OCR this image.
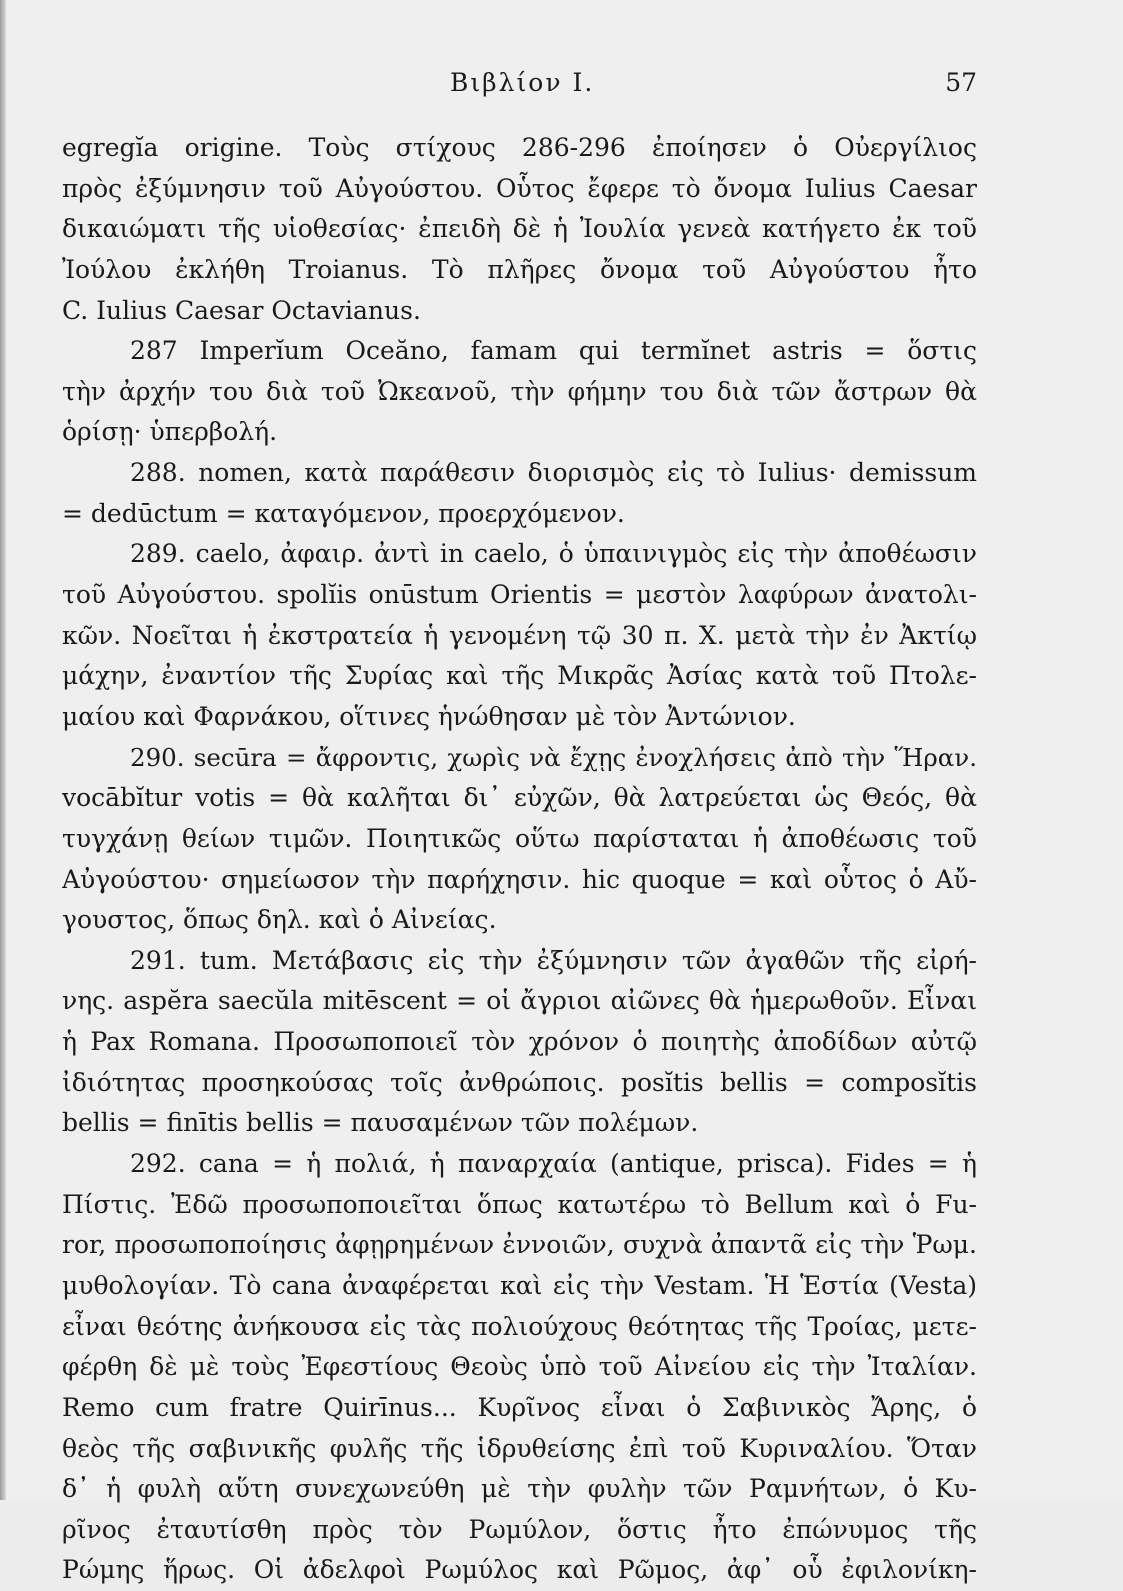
Βιβλίον Ι.	57
egregĭa origine. Τοὺς στίχους 286-296 ἐποίησεν ὁ Οὐεργίλιος
πρὸς ἐξύμνησιν τοῦ Αὐγούστου. Οὗτος ἔφερε τὸ ὄνομα Iulius Caesar
δικαιώματι τῆς υἱοθεσίας· ἐπειδὴ δὲ ἡ Ἰουλία γενεὰ κατήγετο ἐκ τοῦ
Ἰούλου ἐκλήθη Troianus. Τὸ πλῆρες ὄνομα τοῦ Αὐγούστου ἦτο
C. Iulius Caesar Octavianus.
287 Imperĭum Oceăno, famam qui termĭnet astris = ὅστις
τὴν ἀρχήν του διὰ τοῦ Ὠκεανοῦ, τὴν φήμην του διὰ τῶν ἄστρων θὰ
ὁρίσῃ· ὑπερβολή.
288. nomen, κατὰ παράθεσιν διορισμὸς εἰς τὸ Iulius· demissum
= dedūctum = καταγόμενον, προερχόμενον.
289. caelo, ἀφαιρ. ἀντὶ in caelo, ὁ ὑπαινιγμὸς εἰς τὴν ἀποθέωσιν
τοῦ Αὐγούστου. spolĭis onūstum Orientis = μεστὸν λαφύρων ἀνατολι-
κῶν. Νοεῖται ἡ ἐκστρατεία ἡ γενομένη τῷ 30 π. Χ. μετὰ τὴν ἐν Ἀκτίῳ
μάχην, ἐναντίον τῆς Συρίας καὶ τῆς Μικρᾶς Ἀσίας κατὰ τοῦ Πτολε-
μαίου καὶ Φαρνάκου, οἵτινες ἡνώθησαν μὲ τὸν Ἀντώνιον.
290. secūra = ἄφροντις, χωρὶς νὰ ἔχῃς ἐνοχλήσεις ἀπὸ τὴν Ἥραν.
vocābĭtur votis = θὰ καλῆται δι᾿ εὐχῶν, θὰ λατρεύεται ὡς Θεός, θὰ
τυγχάνῃ θείων τιμῶν. Ποιητικῶς οὕτω παρίσταται ἡ ἀποθέωσις τοῦ
Αὐγούστου· σημείωσον τὴν παρήχησιν. hic quoque = καὶ οὗτος ὁ Αὔ-
γουστος, ὅπως δηλ. καὶ ὁ Αἰνείας.
291. tum. Μετάβασις εἰς τὴν ἐξύμνησιν τῶν ἀγαθῶν τῆς εἰρή-
νης. aspĕra saecŭla mitēscent = οἱ ἄγριοι αἰῶνες θὰ ἡμερωθοῦν. Εἶναι
ἡ Pax Romana. Προσωποποιεῖ τὸν χρόνον ὁ ποιητὴς ἀποδίδων αὐτῷ
ἰδιότητας προσηκούσας τοῖς ἀνθρώποις. posĭtis bellis = composĭtis
bellis = finītis bellis = παυσαμένων τῶν πολέμων.
292. cana = ἡ πολιά, ἡ παναρχαία (antique, prisca). Fides = ἡ
Πίστις. Ἐδῶ προσωποποιεῖται ὅπως κατωτέρω τὸ Bellum καὶ ὁ Fu-
ror, προσωποποίησις ἀφῃρημένων ἐννοιῶν, συχνὰ ἀπαντᾶ εἰς τὴν Ῥωμ.
μυθολογίαν. Τὸ cana ἀναφέρεται καὶ εἰς τὴν Vestam. Ἡ Ἑστία (Vesta)
εἶναι θεότης ἀνήκουσα εἰς τὰς πολιούχους θεότητας τῆς Τροίας, μετε-
φέρθη δὲ μὲ τοὺς Ἐφεστίους Θεοὺς ὑπὸ τοῦ Αἰνείου εἰς τὴν Ἰταλίαν.
Remo cum fratre Quirīnus... Κυρῖνος εἶναι ὁ Σαβινικὸς Ἄρης, ὁ
θεὸς τῆς σαβινικῆς φυλῆς τῆς ἱδρυθείσης ἐπὶ τοῦ Κυριναλίου. Ὅταν
δ᾿ ἡ φυλὴ αὕτη συνεχωνεύθη μὲ τὴν φυλὴν τῶν Ραμνήτων, ὁ Κυ-
ρῖνος ἐταυτίσθη πρὸς τὸν Ρωμύλον, ὅστις ἦτο ἐπώνυμος τῆς
Ρώμης ἥρως. Οἱ ἀδελφοὶ Ρωμύλος καὶ Ρῶμος, ἀφ᾿ οὗ ἐφιλονίκη-
